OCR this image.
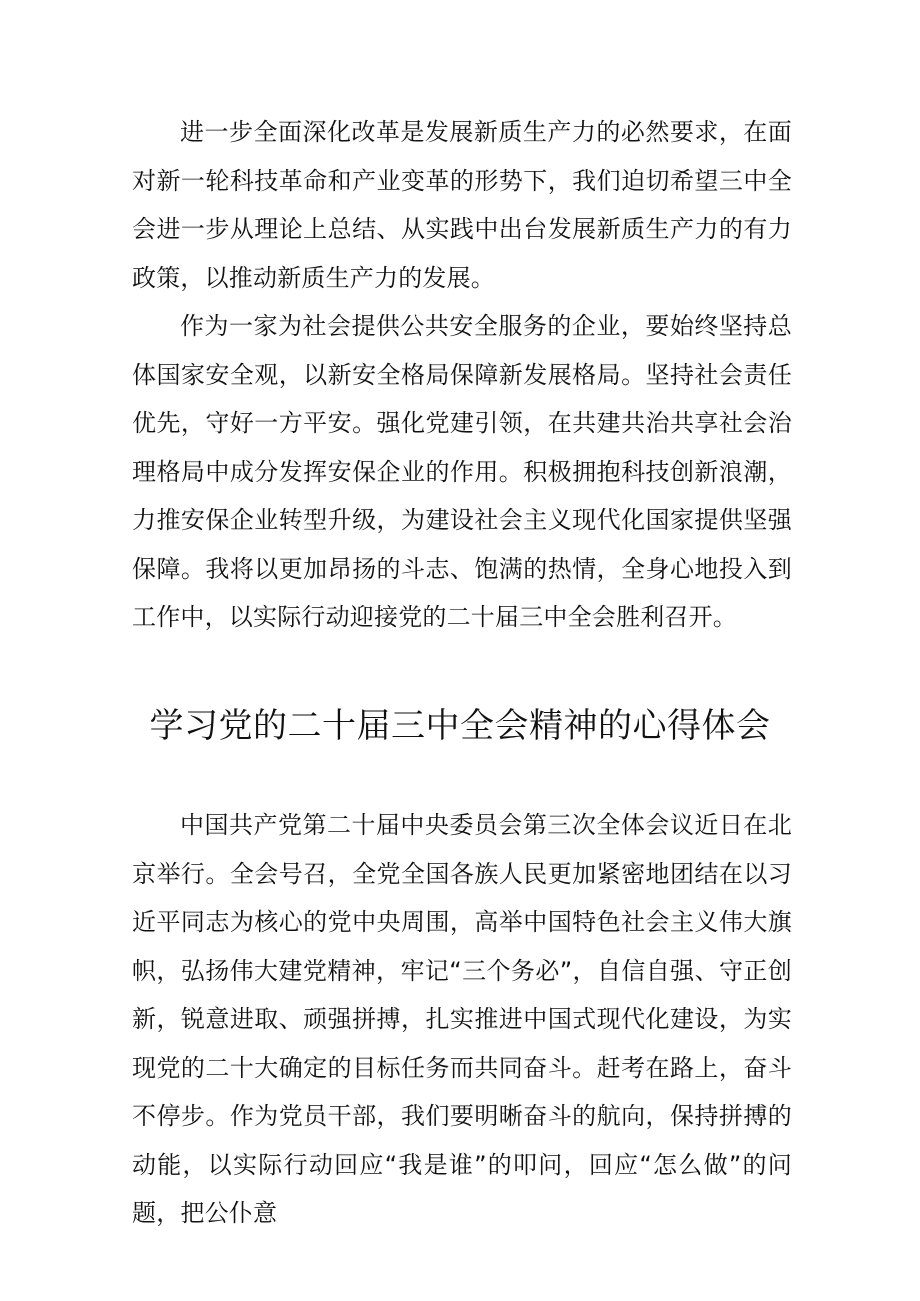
进一步全面深化改革是发展新质生产力的必然要求，在面对新一轮科技革命和产业变革的形势下，我们迫切希望三中全会进一步从理论上总结、从实践中出台发展新质生产力的有力政策，以推动新质生产力的发展。

作为一家为社会提供公共安全服务的企业，要始终坚持总体国家安全观，以新安全格局保障新发展格局。坚持社会责任优先，守好一方平安。强化党建引领，在共建共治共享社会治理格局中成分发挥安保企业的作用。积极拥抱科技创新浪潮，力推安保企业转型升级，为建设社会主义现代化国家提供坚强保障。我将以更加昂扬的斗志、饱满的热情，全身心地投入到工作中，以实际行动迎接党的二十届三中全会胜利召开。

学习党的二十届三中全会精神的心得体会

中国共产党第二十届中央委员会第三次全体会议近日在北京举行。全会号召，全党全国各族人民更加紧密地团结在以习近平同志为核心的党中央周围，高举中国特色社会主义伟大旗帜，弘扬伟大建党精神，牢记“三个务必”，自信自强、守正创新，锐意进取、顽强拼搏，扎实推进中国式现代化建设，为实现党的二十大确定的目标任务而共同奋斗。赶考在路上，奋斗不停步。作为党员干部，我们要明晰奋斗的航向，保持拼搏的动能，以实际行动回应“我是谁”的叩问，回应“怎么做”的问题，把公仆意
